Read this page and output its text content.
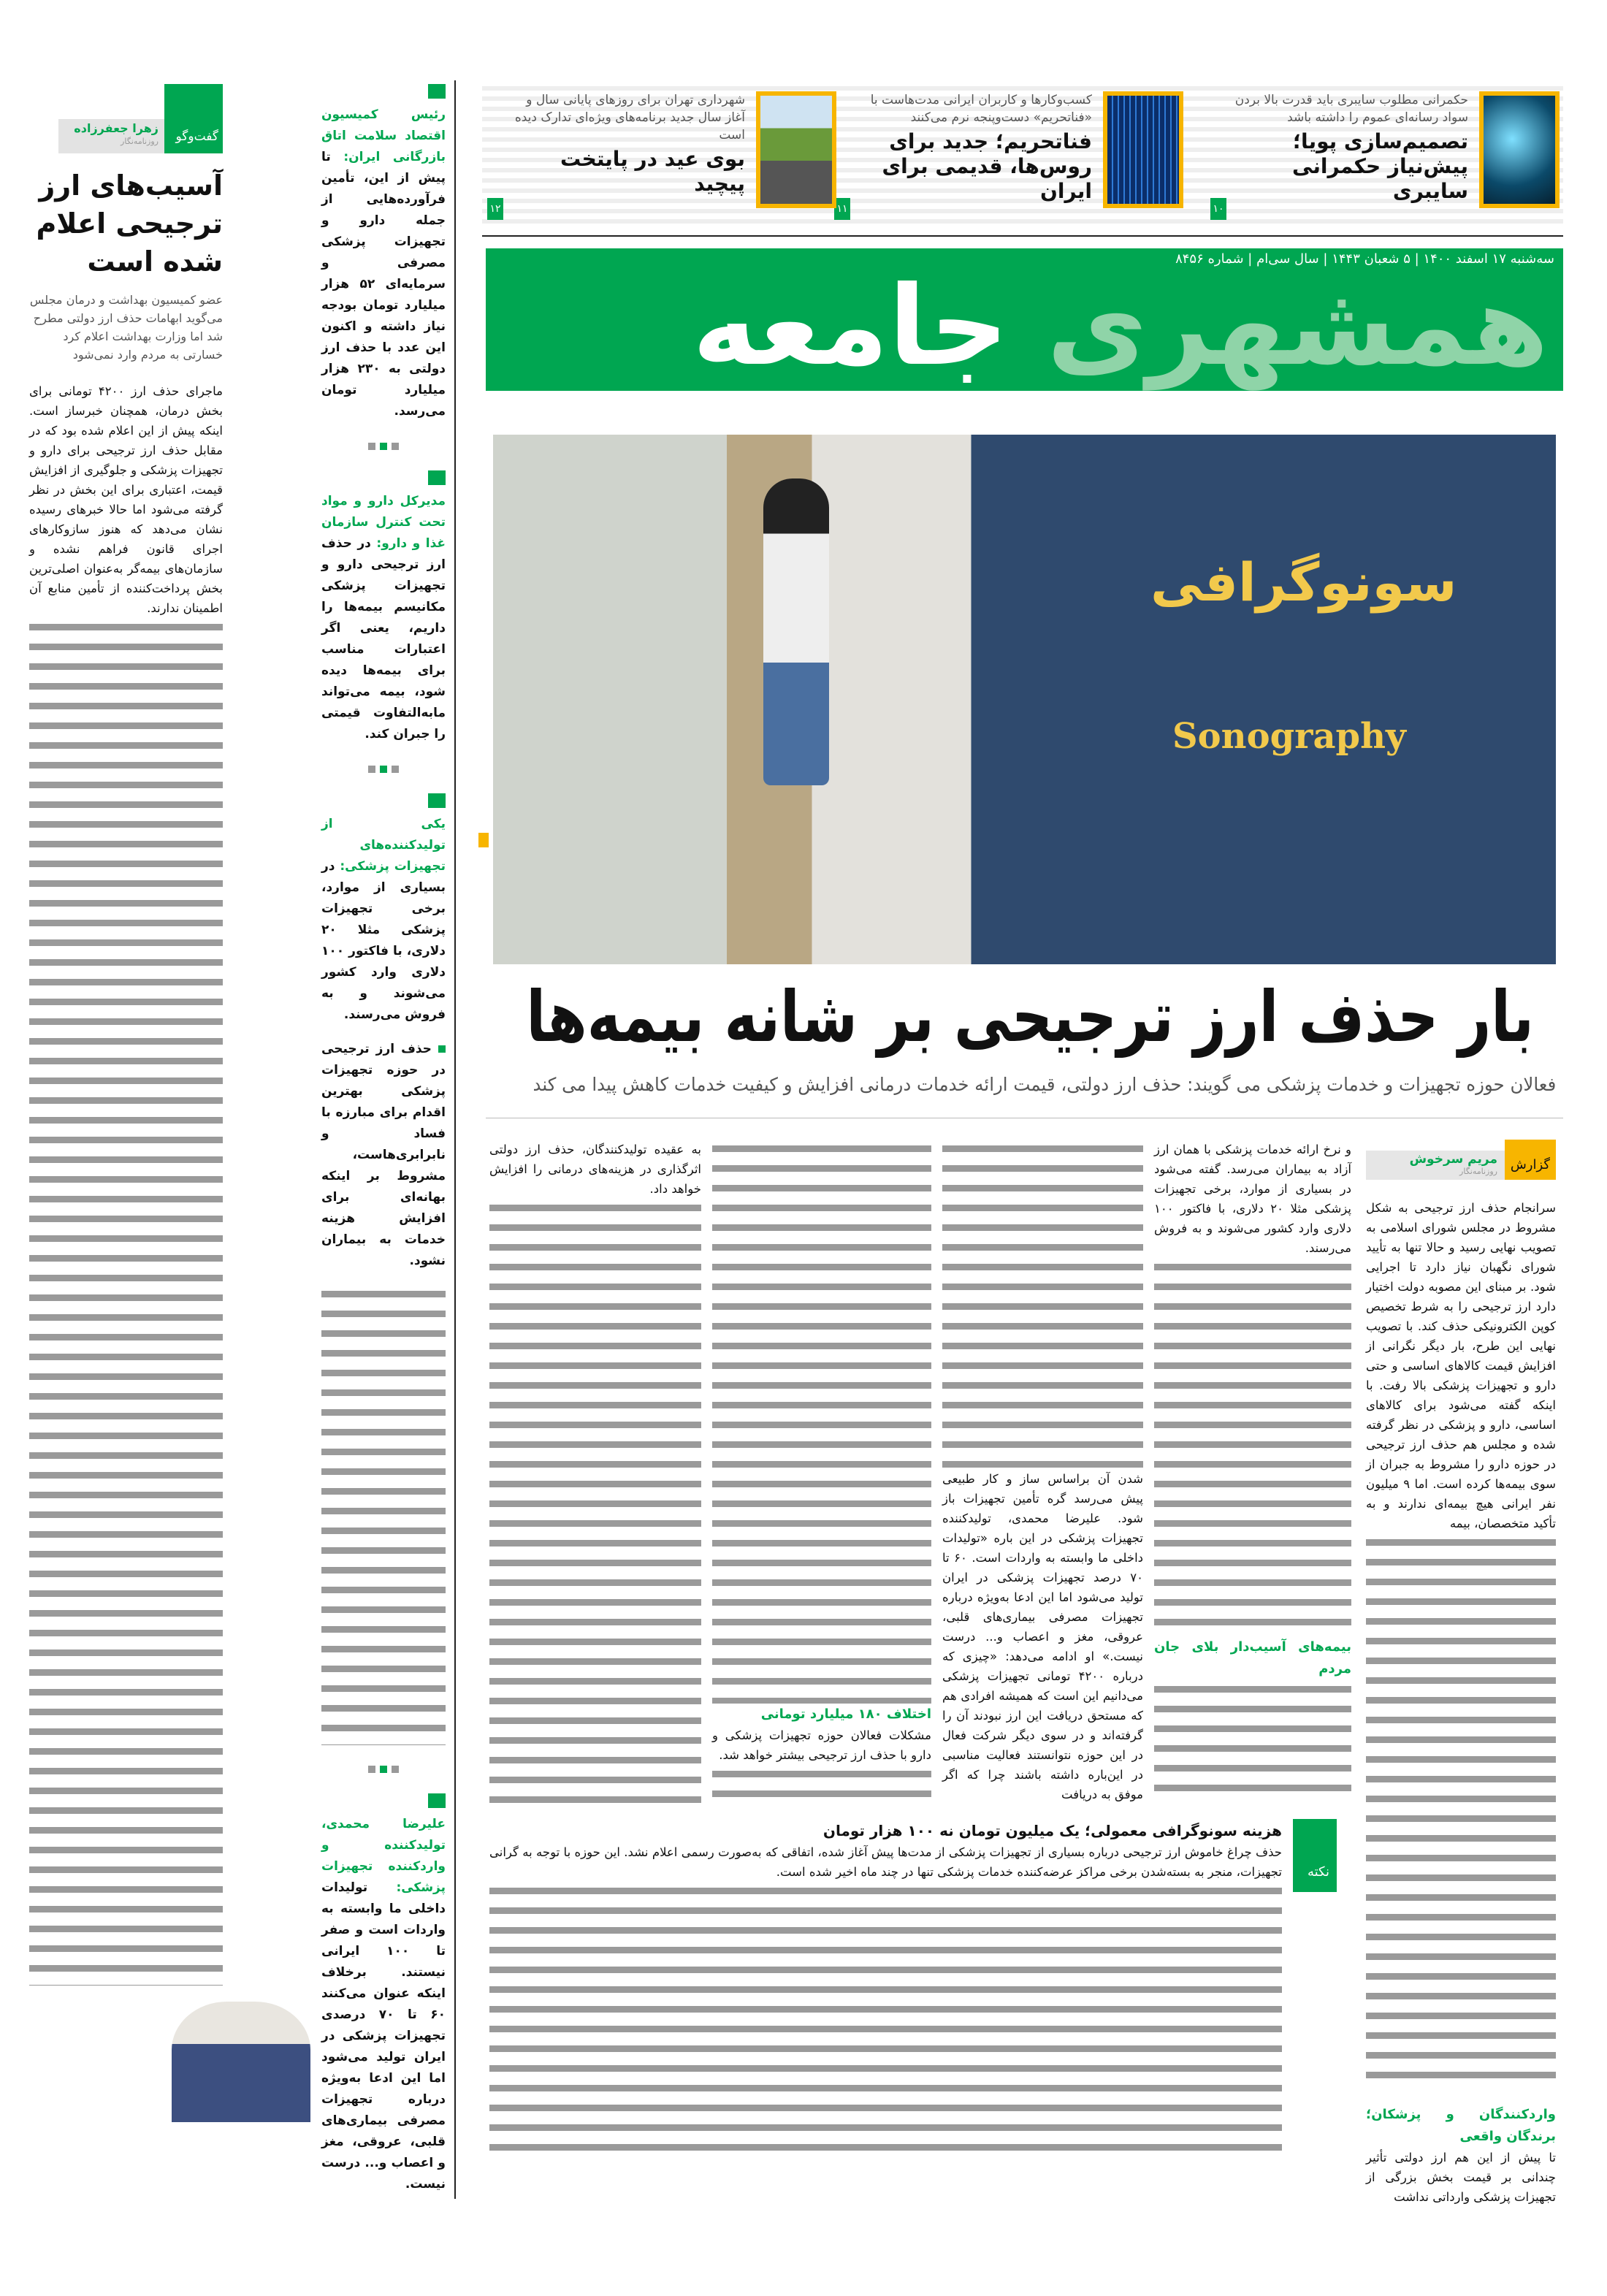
حکمرانی مطلوب سایبری باید قدرت بالا بردن سواد رسانه‌ای عموم را داشته باشد
تصمیم‌سازی پویا؛ پیش‌نیاز حکمرانی سایبری
۱۰
کسب‌وکارها و کاربران ایرانی مدت‌هاست با «فناتحریم» دست‌وپنجه نرم می‌کنند
فناتحریم؛ جدید برای روس‌ها، قدیمی برای ایران
۱۱
شهرداری تهران برای روزهای پایانی سال و آغاز سال جدید برنامه‌های ویژه‌ای تدارک دیده است
بوی عید در پایتخت پیچید
۱۲
سه‌شنبه ۱۷ اسفند ۱۴۰۰ | ۵ شعبان ۱۴۴۳ | سال سی‌ام | شماره ۸۴۵۶
همشهری جامعه
سونوگرافی
Sonography
بار حذف ارز ترجیحی بر شانه بیمه‌ها
فعالان حوزه تجهیزات و خدمات پزشکی می گویند: حذف ارز دولتی، قیمت ارائه خدمات درمانی افزایش و کیفیت خدمات کاهش پیدا می کند
گزارش
مریم سرخوش
روزنامه‌نگار

سرانجام حذف ارز ترجیحی به شکل مشروط در مجلس شورای اسلامی به تصویب نهایی رسید و حالا تنها به تأیید شورای نگهبان نیاز دارد تا اجرایی شود. بر مبنای این مصوبه دولت اختیار دارد ارز ترجیحی را به شرط تخصیص کوپن الکترونیکی حذف کند. با تصویب نهایی این طرح، بار دیگر نگرانی از افزایش قیمت کالاهای اساسی و حتی دارو و تجهیزات پزشکی بالا رفت. با اینکه گفته می‌شود برای کالاهای اساسی، دارو و پزشکی در نظر گرفته شده و مجلس هم حذف ارز ترجیحی در حوزه دارو را مشروط به جبران از سوی بیمه‌ها کرده است. اما ۹ میلیون نفر ایرانی هیچ بیمه‌ای ندارند و به تأکید متخصصان، بیمه

و نرخ ارائه خدمات پزشکی با همان ارز آزاد به بیماران می‌رسد. گفته می‌شود در بسیاری از موارد، برخی تجهیزات پزشکی مثلا ۲۰ دلاری، با فاکتور ۱۰۰ دلاری وارد کشور می‌شوند و به فروش می‌رسند.

بیمه‌های آسیب‌دار بلای جان مردم

شدن آن براساس ساز و کار طبیعی پیش می‌رسد گره تأمین تجهیزات باز شود. علیرضا محمدی، تولیدکننده تجهیزات پزشکی در این باره «تولیدات داخلی ما وابسته به واردات است. ۶۰ تا ۷۰ درصد تجهیزات پزشکی در ایران تولید می‌شود اما این ادعا به‌ویژه درباره تجهیزات مصرفی بیماری‌های قلبی، عروقی، مغز و اعصاب و... درست نیست.» او ادامه می‌دهد: «چیزی که درباره ۴۲۰۰ تومانی تجهیزات پزشکی می‌دانیم این است که همیشه افرادی هم که مستحق دریافت این ارز نبودند آن را گرفته‌اند و در سوی دیگر شرکت فعال در این حوزه نتوانستند فعالیت مناسبی در این‌باره داشته باشند چرا که اگر موفق به دریافت

اختلاف ۱۸۰ میلیارد تومانی

مشکلات فعالان حوزه تجهیزات پزشکی و دارو با حذف ارز ترجیحی بیشتر خواهد شد.

به عقیده تولیدکنندگان، حذف ارز دولتی اثرگذاری در هزینه‌های درمانی را افزایش خواهد داد.

واردکنندگان و پزشکان؛ برندگان واقعی

تا پیش از این هم ارز دولتی تأثیر چندانی بر قیمت بخش بزرگی از تجهیزات پزشکی وارداتی نداشت

نکته
هزینه سونوگرافی معمولی؛ یک میلیون تومان نه ۱۰۰ هزار تومان

حذف چراغ خاموش ارز ترجیحی درباره بسیاری از تجهیزات پزشکی از مدت‌ها پیش آغاز شده، اتفاقی که به‌صورت رسمی اعلام نشد. این حوزه با توجه به گرانی تجهیزات، منجر به بسته‌شدن برخی مراکز عرضه‌کننده خدمات پزشکی تنها در چند ماه اخیر شده است.

گفت‌وگو
زهرا جعفرزاده
روزنامه‌نگار
آسیب‌های ارز ترجیحی اعلام شده است
عضو کمیسیون بهداشت و درمان مجلس می‌گوید ابهامات حذف ارز دولتی مطرح شد اما وزارت بهداشت اعلام کرد خسارتی به مردم وارد نمی‌شود

ماجرای حذف ارز ۴۲۰۰ تومانی برای بخش درمان، همچنان خبرساز است. اینکه پیش از این اعلام شده بود که در مقابل حذف ارز ترجیحی برای دارو و تجهیزات پزشکی و جلوگیری از افزایش قیمت، اعتباری برای این بخش در نظر گرفته می‌شود اما حالا خبرهای رسیده نشان می‌دهد که هنوز سازوکارهای اجرای قانون فراهم نشده و سازمان‌های بیمه‌گر به‌عنوان اصلی‌ترین بخش پرداخت‌کننده از تأمین منابع آن اطمینان ندارند.

رئیس کمیسیون اقتصاد سلامت اتاق بازرگانی ایران: تا پیش از این، تأمین فرآورده‌هایی از جمله دارو و تجهیزات پزشکی مصرفی و سرمایه‌ای ۵۲ هزار میلیارد تومان بودجه نیاز داشته و اکنون این عدد با حذف ارز دولتی به ۲۳۰ هزار میلیارد تومان می‌رسد.
مدیرکل دارو و مواد تحت کنترل سازمان غذا و دارو: در حذف ارز ترجیحی دارو و تجهیزات پزشکی مکانیسم بیمه‌ها را داریم، یعنی اگر اعتبارات مناسب برای بیمه‌ها دیده شود، بیمه می‌تواند مابه‌التفاوت قیمتی را جبران کند.
یکی از تولیدکننده‌های تجهیزات پزشکی: در بسیاری از موارد، برخی تجهیزات پزشکی مثلا ۲۰ دلاری، با فاکتور ۱۰۰ دلاری وارد کشور می‌شوند و به فروش می‌رسند.
حذف ارز ترجیحی در حوزه تجهیزات پزشکی بهترین اقدام برای مبارزه با فساد و نابرابری‌هاست، مشروط بر اینکه بهانه‌ای برای افزایش هزینه خدمات به بیماران نشود.
علیرضا محمدی، تولیدکننده و واردکننده تجهیزات پزشکی: تولیدات داخلی ما وابسته به واردات است و صفر تا ۱۰۰ ایرانی نیستند. برخلاف اینکه عنوان می‌کنند ۶۰ تا ۷۰ درصدی تجهیزات پزشکی در ایران تولید می‌شود اما این ادعا به‌ویژه درباره تجهیزات مصرفی بیماری‌های قلبی، عروقی، مغز و اعصاب و... درست نیست.
